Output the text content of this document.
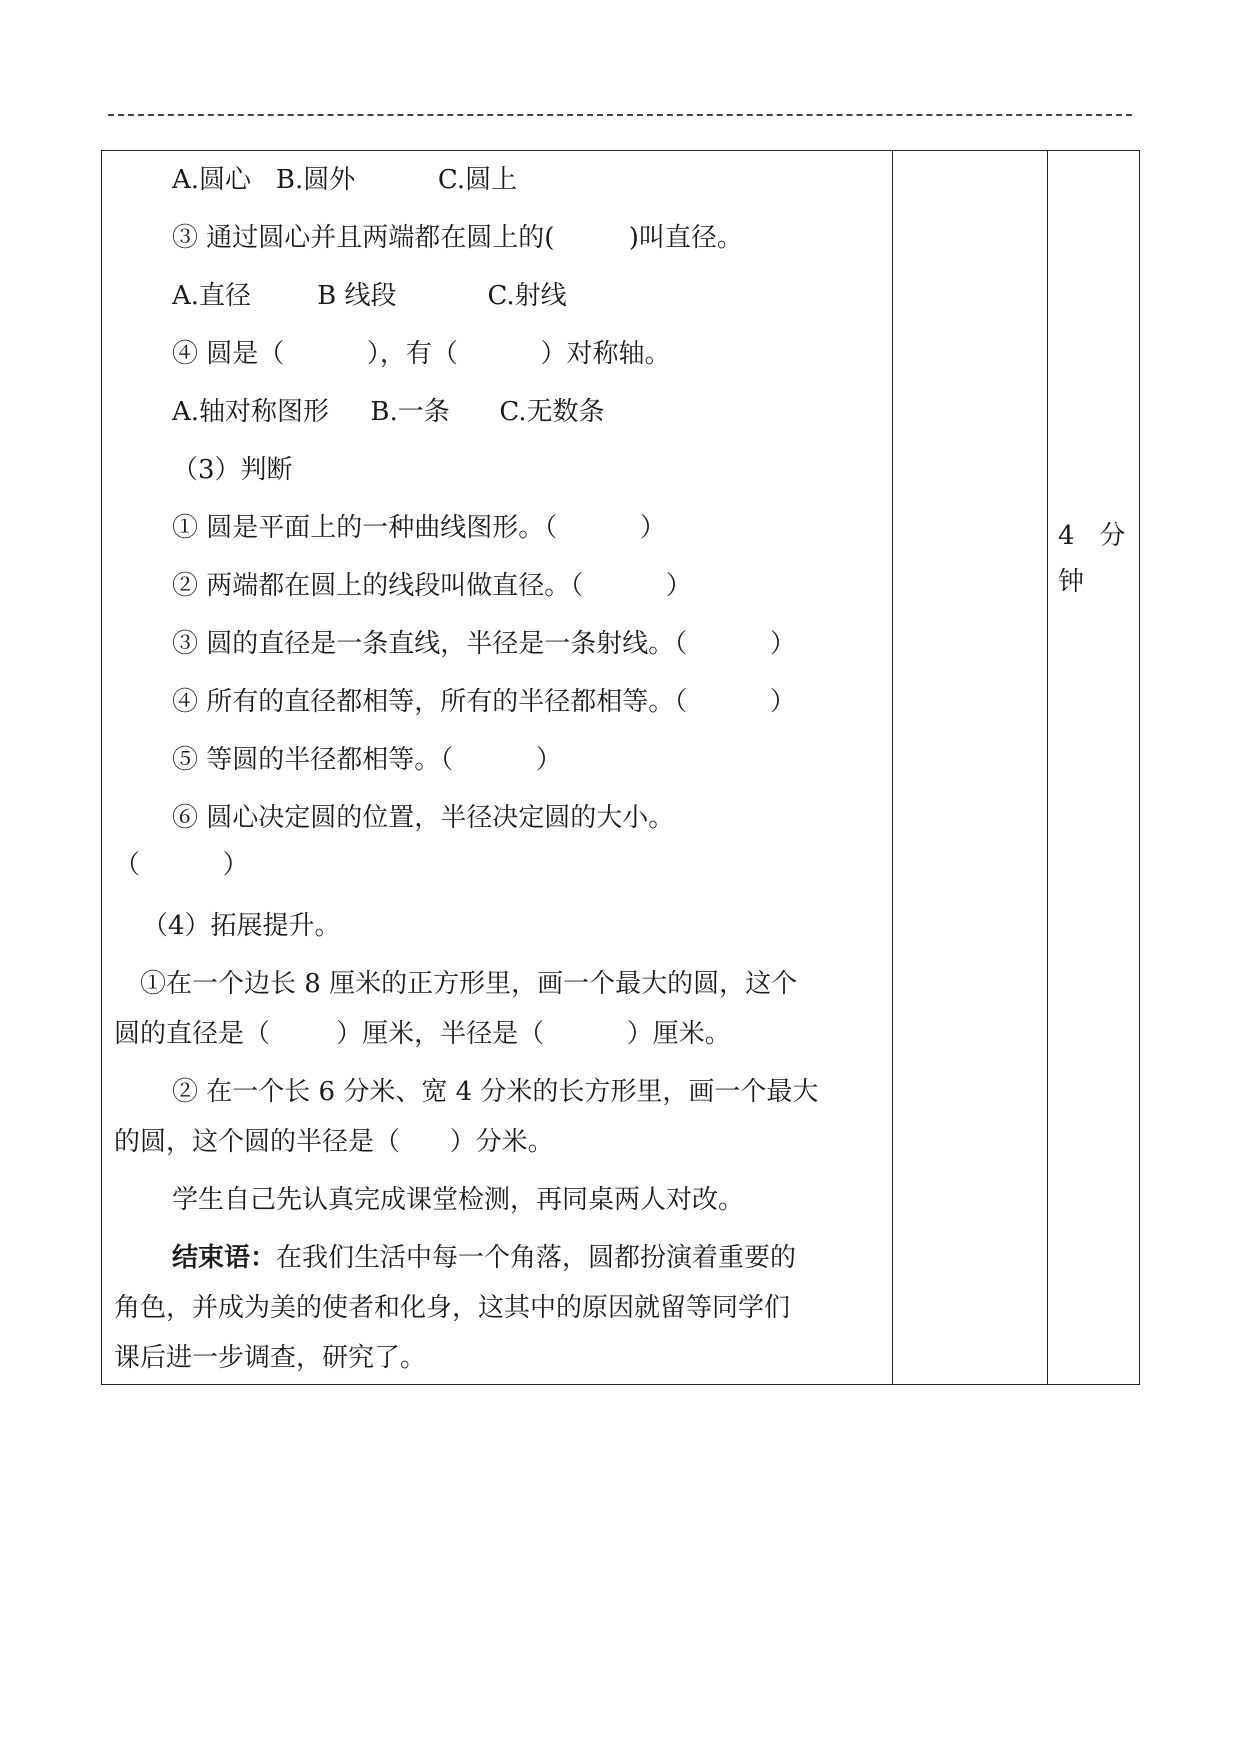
A.圆心   B.圆外          C.圆上
③ 通过圆心并且两端都在圆上的(         )叫直径。
A.直径        B 线段           C.射线
④ 圆是（          ），有（          ）对称轴。
A.轴对称图形     B.一条      C.无数条
（3）判断
① 圆是平面上的一种曲线图形。（          ）
② 两端都在圆上的线段叫做直径。（          ）
③ 圆的直径是一条直线，半径是一条射线。（          ）
④ 所有的直径都相等，所有的半径都相等。（          ）
⑤ 等圆的半径都相等。（          ）
⑥ 圆心决定圆的位置，半径决定圆的大小。
（          ）
（4）拓展提升。
①在一个边长 8 厘米的正方形里，画一个最大的圆，这个
圆的直径是（        ）厘米，半径是（          ）厘米。
② 在一个长 6 分米、宽 4 分米的长方形里，画一个最大
的圆，这个圆的半径是（      ）分米。
学生自己先认真完成课堂检测，再同桌两人对改。
结束语：在我们生活中每一个角落，圆都扮演着重要的
角色，并成为美的使者和化身，这其中的原因就留等同学们
课后进一步调查，研究了。
4   分
钟
